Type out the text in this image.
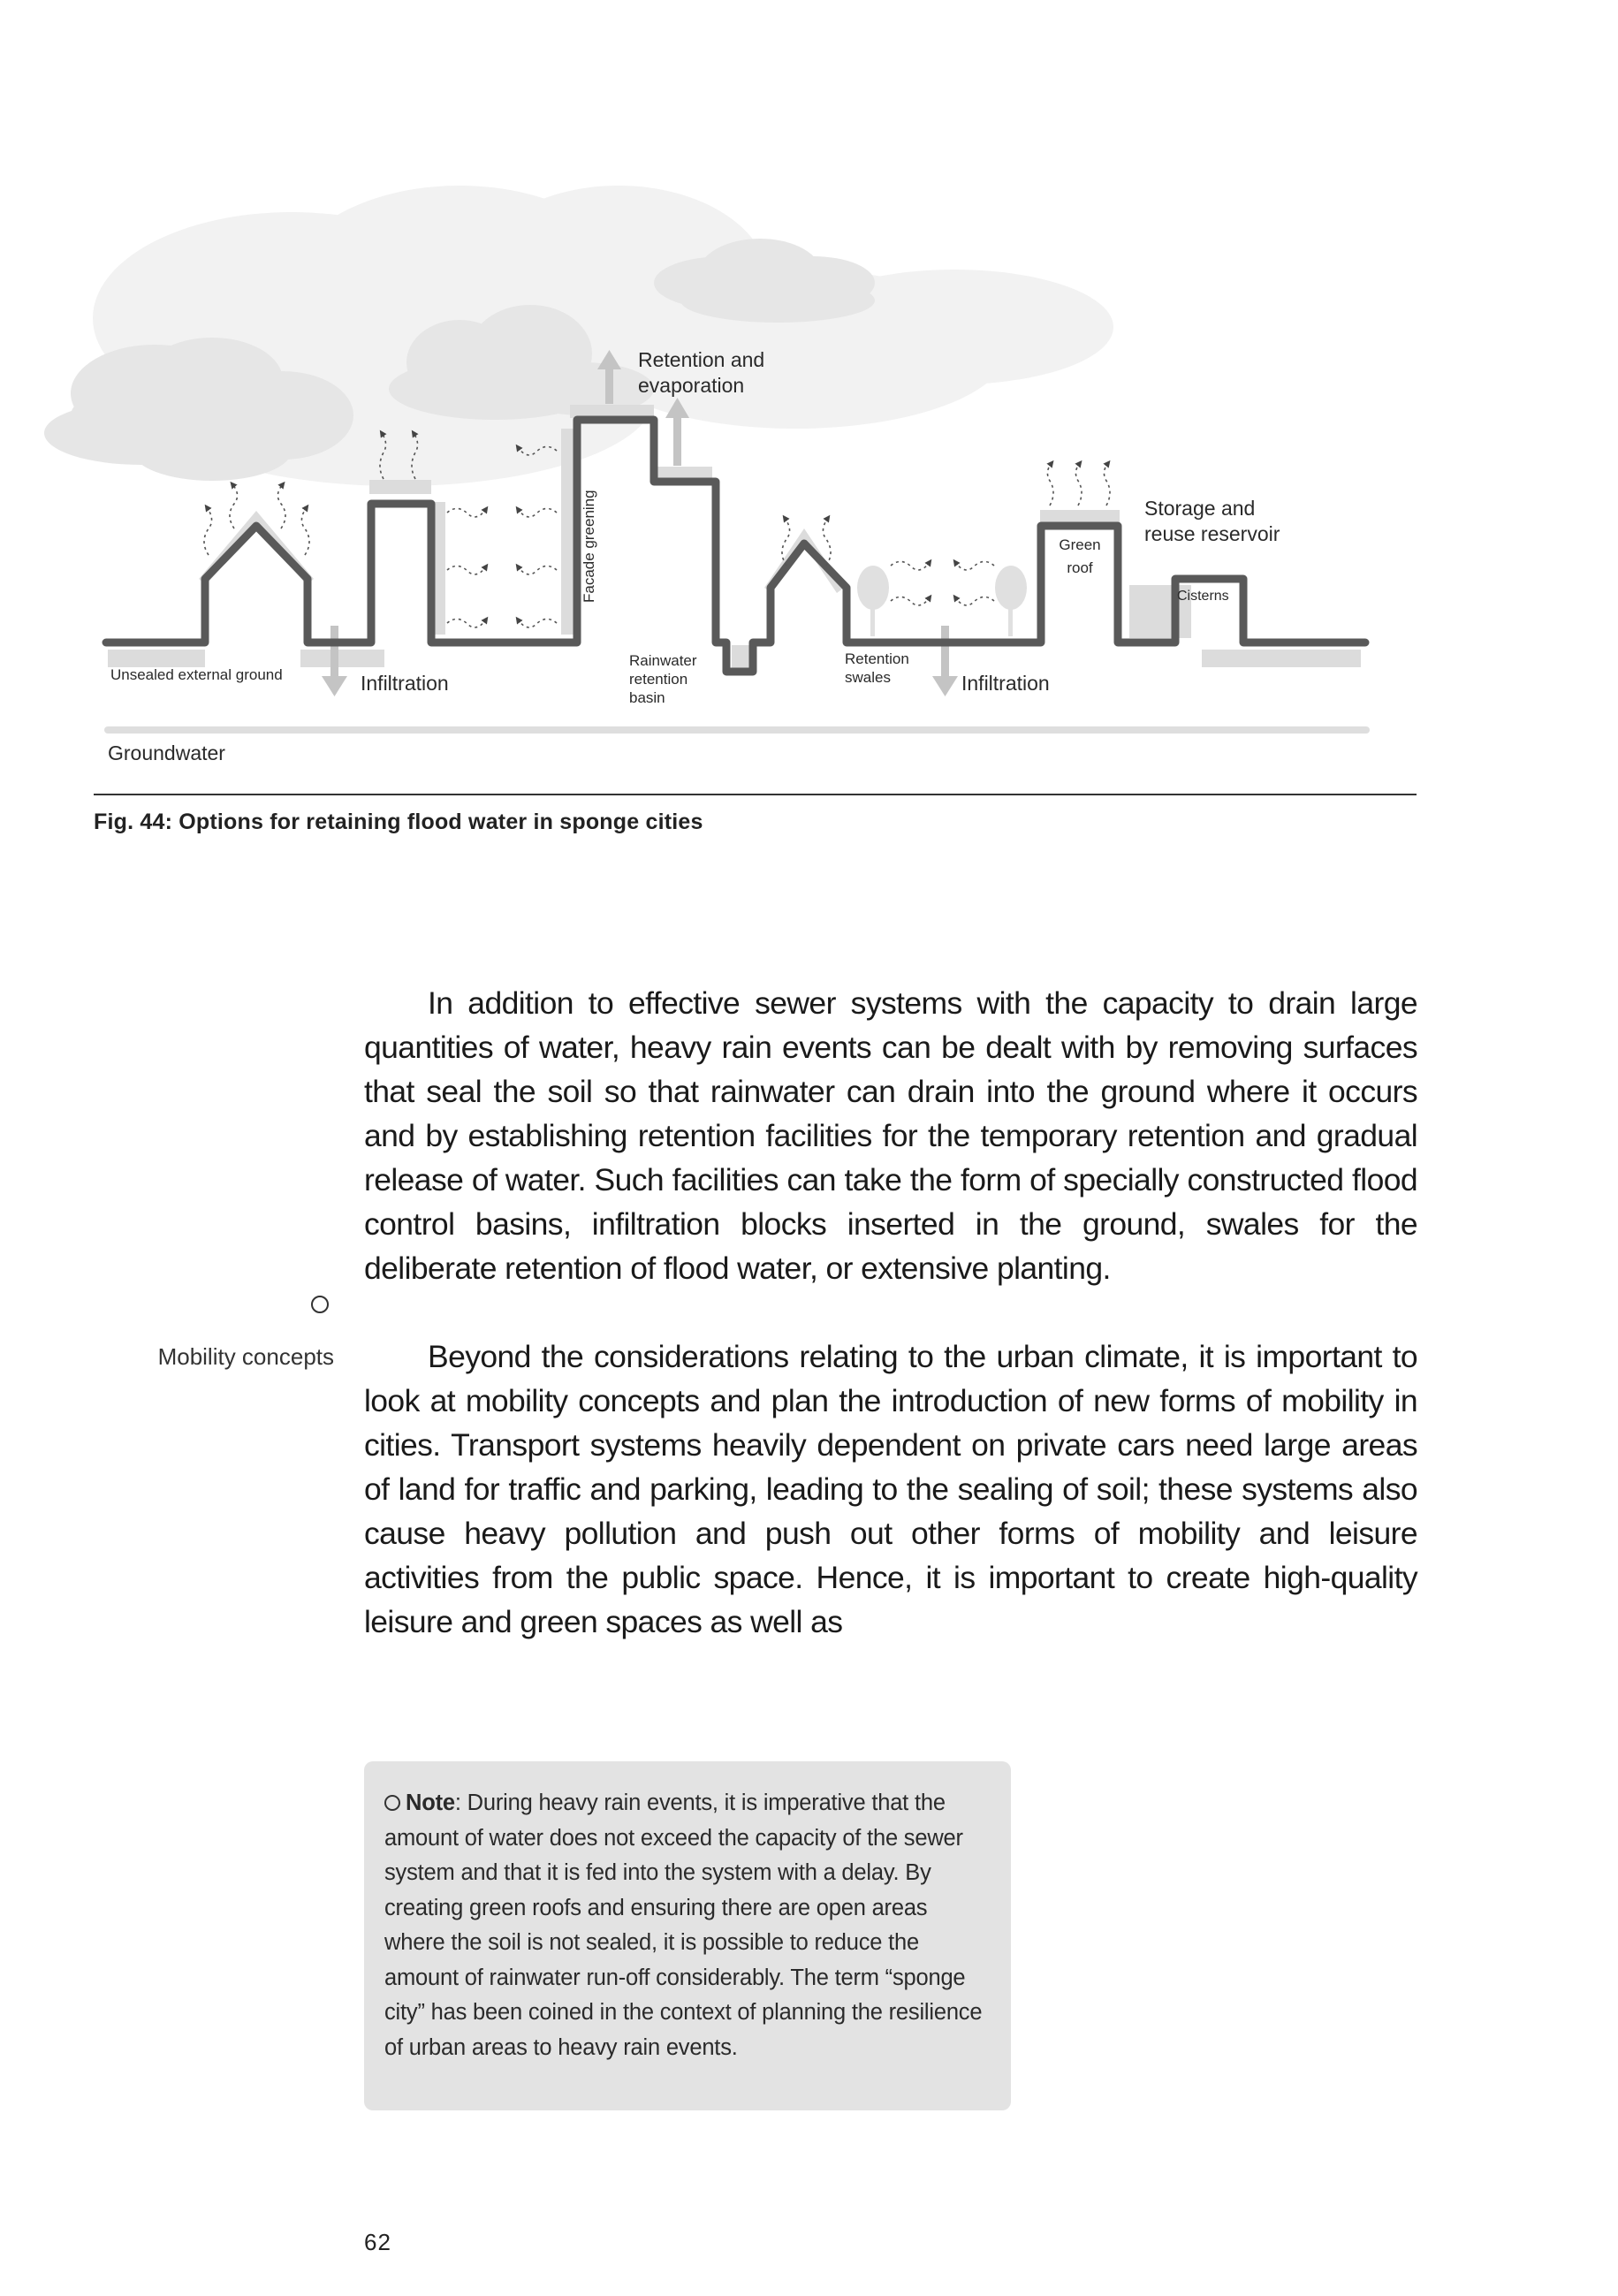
Retention and
evaporation
Facade greening	Green
roof
Storage and
reuse reservoir
Cisterns
Unsealed external ground	Infiltration
Rainwater
retention
basin
Retention
swales	Infiltration
Groundwater
Fig. 44: Options for retaining flood water in sponge cities

In addition to effective sewer systems with the capacity to drain large quantities of water, heavy rain events can be dealt with by removing surfaces that seal the soil so that rainwater can drain into the ground where it occurs and by establishing retention facilities for the temporary retention and gradual release of water. Such facilities can take the form of specially constructed flood control basins, infiltration blocks inserted in the ground, swales for the deliberate retention of flood water, or extensive planting.

Mobility concepts	Beyond the considerations relating to the urban climate, it is important to look at mobility concepts and plan the introduction of new forms of mobility in cities. Transport systems heavily dependent on private cars need large areas of land for traffic and parking, leading to the sealing of soil; these systems also cause heavy pollution and push out other forms of mobility and leisure activities from the public space. Hence, it is important to create high-quality leisure and green spaces as well as

Note: During heavy rain events, it is imperative that the amount of water does not exceed the capacity of the sewer system and that it is fed into the system with a delay. By creating green roofs and ensuring there are open areas where the soil is not sealed, it is possible to reduce the amount of rainwater run-off considerably. The term “sponge city” has been coined in the context of planning the resilience of urban areas to heavy rain events.
62
